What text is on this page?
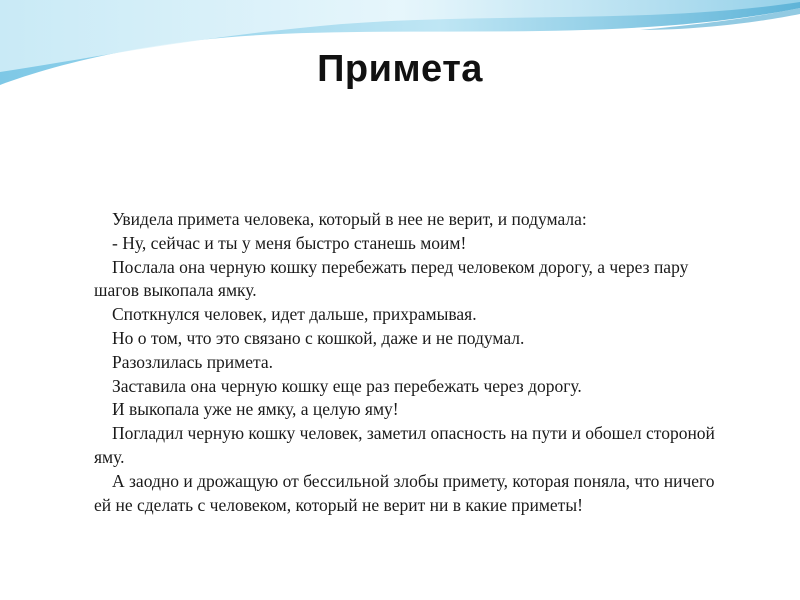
Примета

Увидела примета человека, который в нее не верит, и подумала:

- Ну, сейчас и ты у меня быстро станешь моим!

Послала она черную кошку перебежать перед человеком дорогу, а через пару шагов выкопала ямку.

Споткнулся человек, идет дальше, прихрамывая.

Но о том, что это связано с кошкой, даже и не подумал.

Разозлилась примета.

Заставила она черную кошку еще раз перебежать через дорогу.

И выкопала уже не ямку, а целую яму!

Погладил черную кошку человек, заметил опасность на пути и обошел стороной яму.

А заодно и дрожащую от бессильной злобы примету, которая поняла, что ничего ей не сделать с человеком, который не верит ни в какие приметы!
